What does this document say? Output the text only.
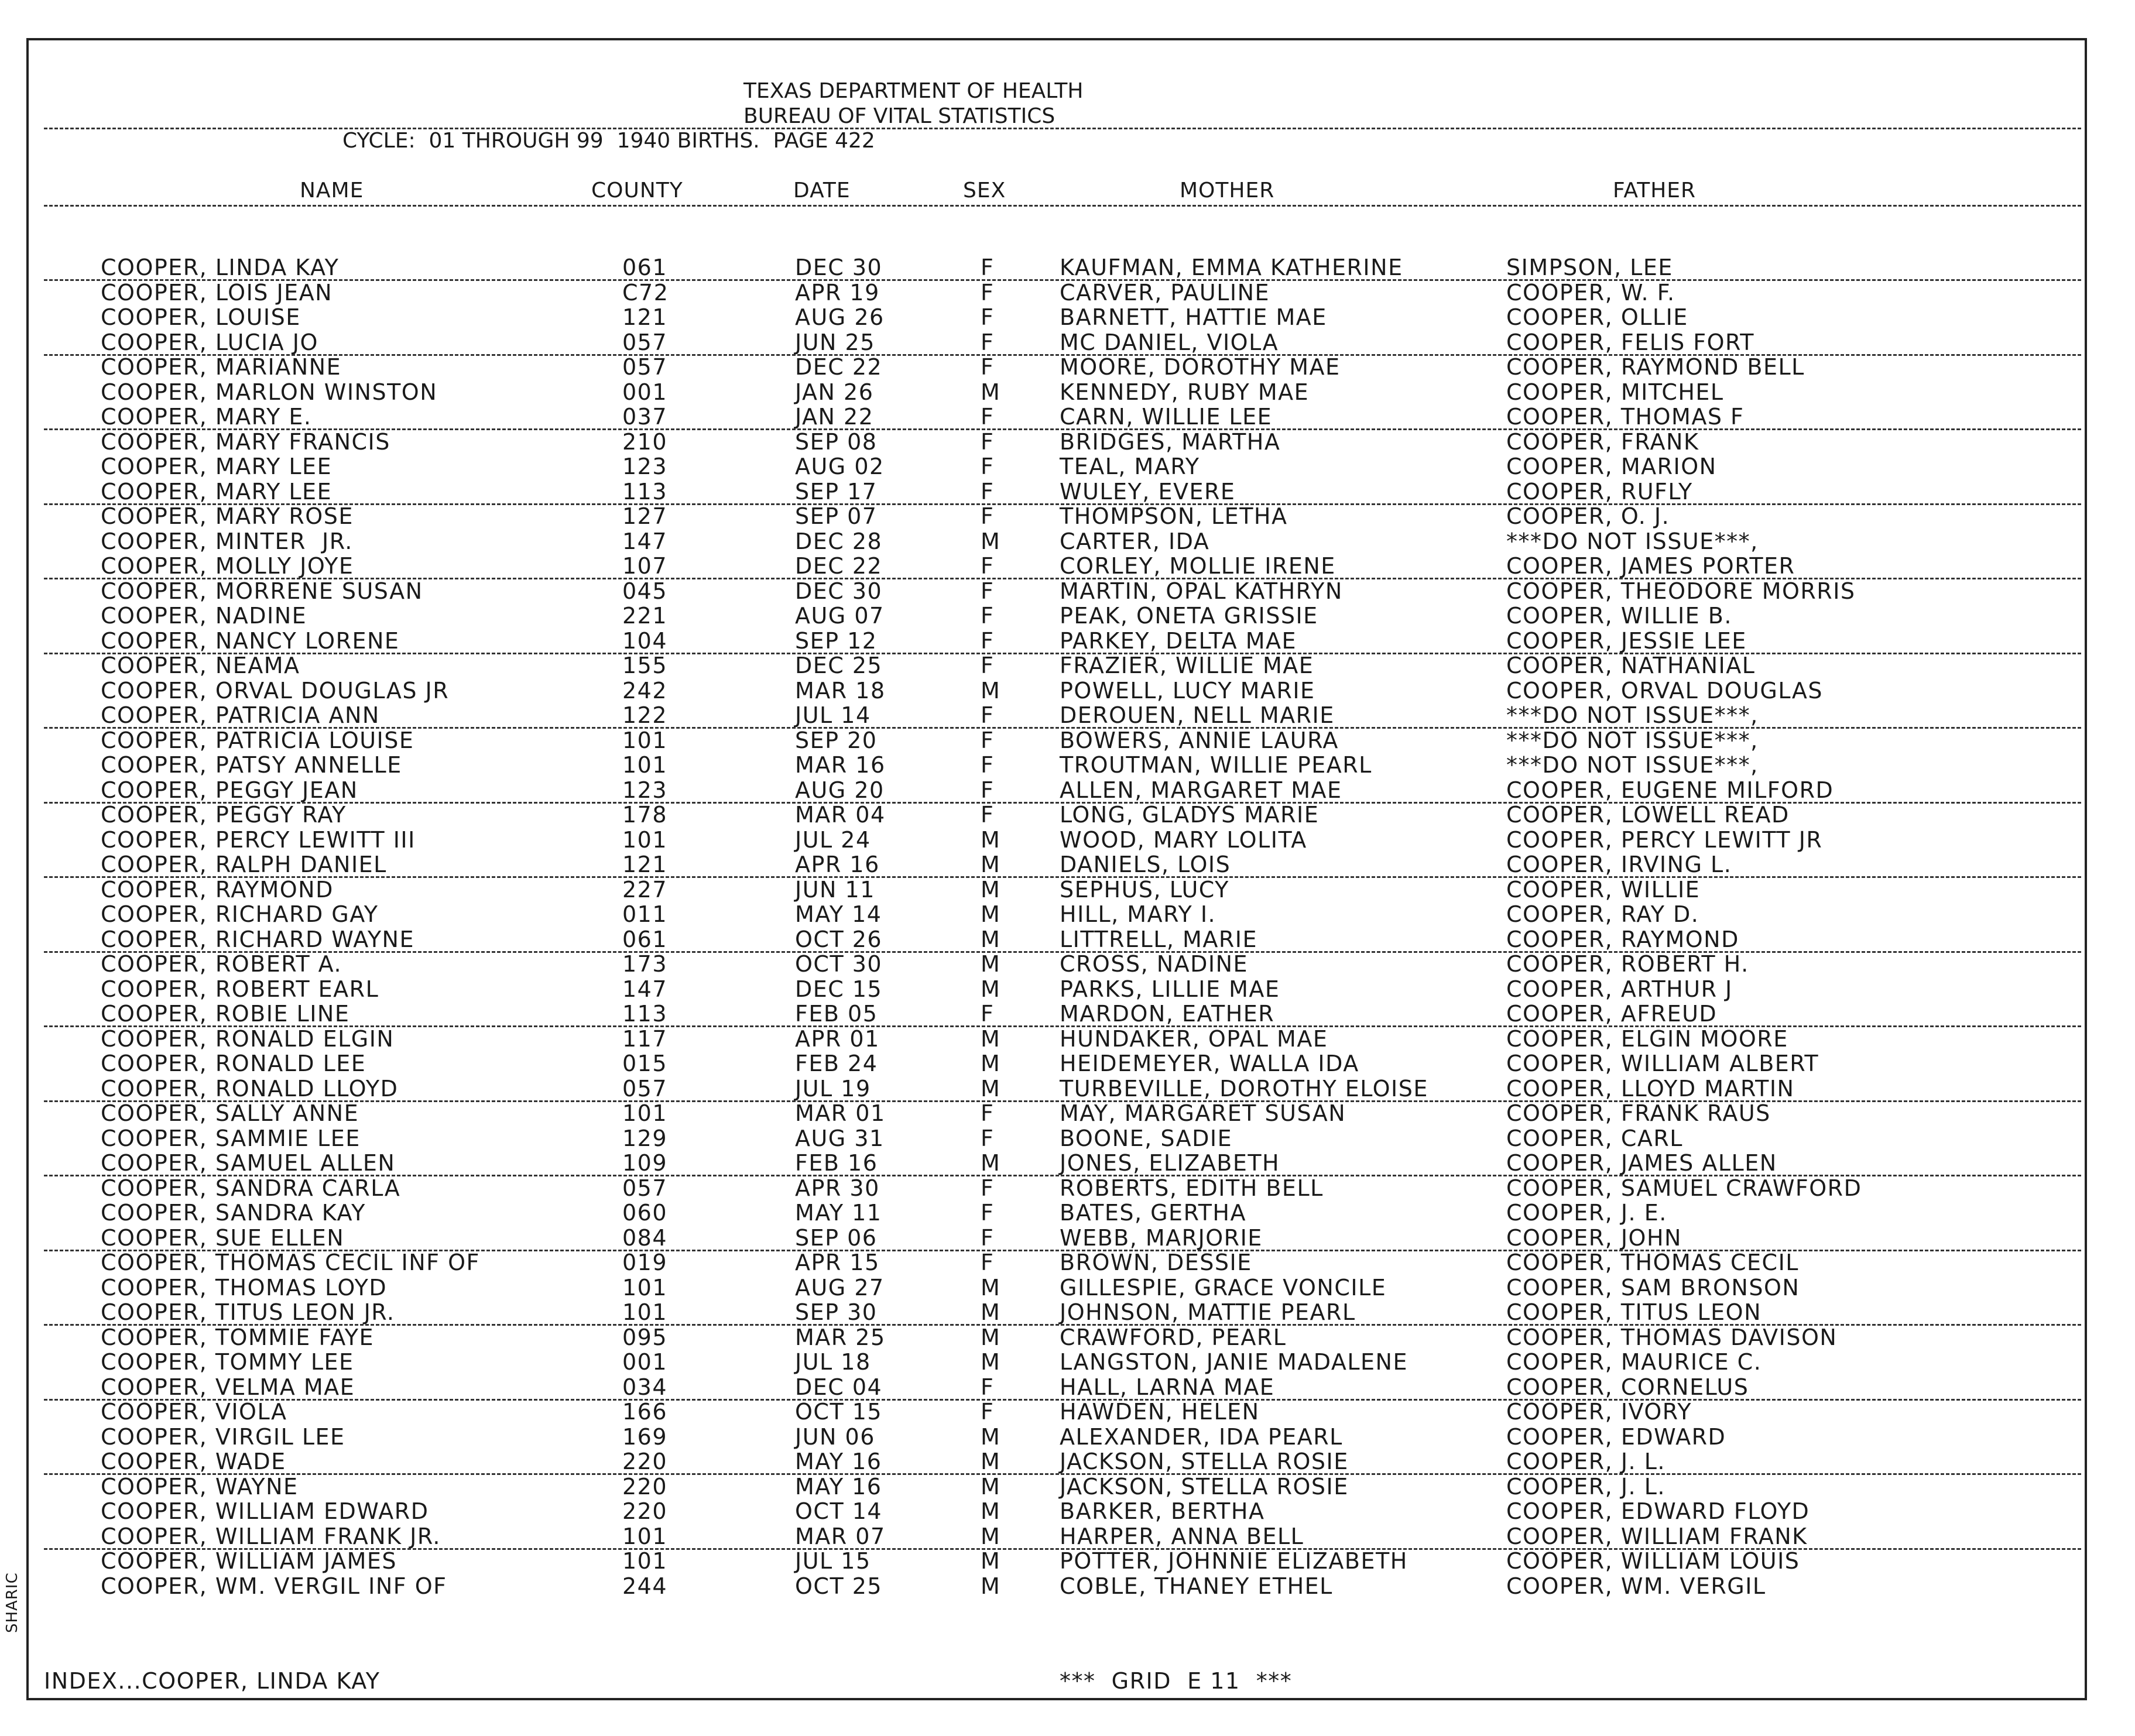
SHARIC
TEXAS DEPARTMENT OF HEALTH
BUREAU OF VITAL STATISTICS
CYCLE:  01 THROUGH 99  1940 BIRTHS.  PAGE 422
NAME	COUNTY	DATE	SEX	MOTHER	FATHER
COOPER, LINDA KAY	061	DEC 30	F	KAUFMAN, EMMA KATHERINE	SIMPSON, LEE
COOPER, LOIS JEAN	C72	APR 19	F	CARVER, PAULINE	COOPER, W. F.
COOPER, LOUISE	121	AUG 26	F	BARNETT, HATTIE MAE	COOPER, OLLIE
COOPER, LUCIA JO	057	JUN 25	F	MC DANIEL, VIOLA	COOPER, FELIS FORT
COOPER, MARIANNE	057	DEC 22	F	MOORE, DOROTHY MAE	COOPER, RAYMOND BELL
COOPER, MARLON WINSTON	001	JAN 26	M	KENNEDY, RUBY MAE	COOPER, MITCHEL
COOPER, MARY E.	037	JAN 22	F	CARN, WILLIE LEE	COOPER, THOMAS F
COOPER, MARY FRANCIS	210	SEP 08	F	BRIDGES, MARTHA	COOPER, FRANK
COOPER, MARY LEE	123	AUG 02	F	TEAL, MARY	COOPER, MARION
COOPER, MARY LEE	113	SEP 17	F	WULEY, EVERE	COOPER, RUFLY
COOPER, MARY ROSE	127	SEP 07	F	THOMPSON, LETHA	COOPER, O. J.
COOPER, MINTER  JR.	147	DEC 28	M	CARTER, IDA	***DO NOT ISSUE***,
COOPER, MOLLY JOYE	107	DEC 22	F	CORLEY, MOLLIE IRENE	COOPER, JAMES PORTER
COOPER, MORRENE SUSAN	045	DEC 30	F	MARTIN, OPAL KATHRYN	COOPER, THEODORE MORRIS
COOPER, NADINE	221	AUG 07	F	PEAK, ONETA GRISSIE	COOPER, WILLIE B.
COOPER, NANCY LORENE	104	SEP 12	F	PARKEY, DELTA MAE	COOPER, JESSIE LEE
COOPER, NEAMA	155	DEC 25	F	FRAZIER, WILLIE MAE	COOPER, NATHANIAL
COOPER, ORVAL DOUGLAS JR	242	MAR 18	M	POWELL, LUCY MARIE	COOPER, ORVAL DOUGLAS
COOPER, PATRICIA ANN	122	JUL 14	F	DEROUEN, NELL MARIE	***DO NOT ISSUE***,
COOPER, PATRICIA LOUISE	101	SEP 20	F	BOWERS, ANNIE LAURA	***DO NOT ISSUE***,
COOPER, PATSY ANNELLE	101	MAR 16	F	TROUTMAN, WILLIE PEARL	***DO NOT ISSUE***,
COOPER, PEGGY JEAN	123	AUG 20	F	ALLEN, MARGARET MAE	COOPER, EUGENE MILFORD
COOPER, PEGGY RAY	178	MAR 04	F	LONG, GLADYS MARIE	COOPER, LOWELL READ
COOPER, PERCY LEWITT III	101	JUL 24	M	WOOD, MARY LOLITA	COOPER, PERCY LEWITT JR
COOPER, RALPH DANIEL	121	APR 16	M	DANIELS, LOIS	COOPER, IRVING L.
COOPER, RAYMOND	227	JUN 11	M	SEPHUS, LUCY	COOPER, WILLIE
COOPER, RICHARD GAY	011	MAY 14	M	HILL, MARY I.	COOPER, RAY D.
COOPER, RICHARD WAYNE	061	OCT 26	M	LITTRELL, MARIE	COOPER, RAYMOND
COOPER, ROBERT A.	173	OCT 30	M	CROSS, NADINE	COOPER, ROBERT H.
COOPER, ROBERT EARL	147	DEC 15	M	PARKS, LILLIE MAE	COOPER, ARTHUR J
COOPER, ROBIE LINE	113	FEB 05	F	MARDON, EATHER	COOPER, AFREUD
COOPER, RONALD ELGIN	117	APR 01	M	HUNDAKER, OPAL MAE	COOPER, ELGIN MOORE
COOPER, RONALD LEE	015	FEB 24	M	HEIDEMEYER, WALLA IDA	COOPER, WILLIAM ALBERT
COOPER, RONALD LLOYD	057	JUL 19	M	TURBEVILLE, DOROTHY ELOISE	COOPER, LLOYD MARTIN
COOPER, SALLY ANNE	101	MAR 01	F	MAY, MARGARET SUSAN	COOPER, FRANK RAUS
COOPER, SAMMIE LEE	129	AUG 31	F	BOONE, SADIE	COOPER, CARL
COOPER, SAMUEL ALLEN	109	FEB 16	M	JONES, ELIZABETH	COOPER, JAMES ALLEN
COOPER, SANDRA CARLA	057	APR 30	F	ROBERTS, EDITH BELL	COOPER, SAMUEL CRAWFORD
COOPER, SANDRA KAY	060	MAY 11	F	BATES, GERTHA	COOPER, J. E.
COOPER, SUE ELLEN	084	SEP 06	F	WEBB, MARJORIE	COOPER, JOHN
COOPER, THOMAS CECIL INF OF	019	APR 15	F	BROWN, DESSIE	COOPER, THOMAS CECIL
COOPER, THOMAS LOYD	101	AUG 27	M	GILLESPIE, GRACE VONCILE	COOPER, SAM BRONSON
COOPER, TITUS LEON JR.	101	SEP 30	M	JOHNSON, MATTIE PEARL	COOPER, TITUS LEON
COOPER, TOMMIE FAYE	095	MAR 25	M	CRAWFORD, PEARL	COOPER, THOMAS DAVISON
COOPER, TOMMY LEE	001	JUL 18	M	LANGSTON, JANIE MADALENE	COOPER, MAURICE C.
COOPER, VELMA MAE	034	DEC 04	F	HALL, LARNA MAE	COOPER, CORNELUS
COOPER, VIOLA	166	OCT 15	F	HAWDEN, HELEN	COOPER, IVORY
COOPER, VIRGIL LEE	169	JUN 06	M	ALEXANDER, IDA PEARL	COOPER, EDWARD
COOPER, WADE	220	MAY 16	M	JACKSON, STELLA ROSIE	COOPER, J. L.
COOPER, WAYNE	220	MAY 16	M	JACKSON, STELLA ROSIE	COOPER, J. L.
COOPER, WILLIAM EDWARD	220	OCT 14	M	BARKER, BERTHA	COOPER, EDWARD FLOYD
COOPER, WILLIAM FRANK JR.	101	MAR 07	M	HARPER, ANNA BELL	COOPER, WILLIAM FRANK
COOPER, WILLIAM JAMES	101	JUL 15	M	POTTER, JOHNNIE ELIZABETH	COOPER, WILLIAM LOUIS
COOPER, WM. VERGIL INF OF	244	OCT 25	M	COBLE, THANEY ETHEL	COOPER, WM. VERGIL
INDEX...COOPER, LINDA KAY	***  GRID  E 11  ***
